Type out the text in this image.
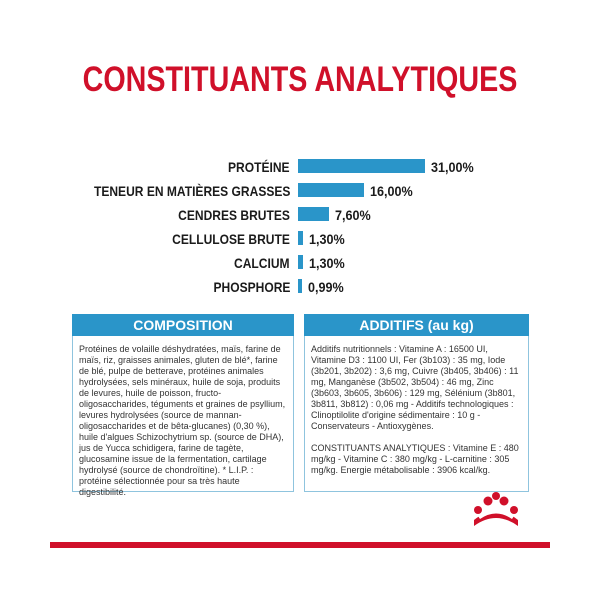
CONSTITUANTS ANALYTIQUES
PROTÉINE	31,00%
TENEUR EN MATIÈRES GRASSES	16,00%
CENDRES BRUTES	7,60%
CELLULOSE BRUTE 1,30%
CALCIUM 1,30%
PHOSPHORE 0,99%
COMPOSITION

Protéines de volaille déshydratées, maïs, farine de maïs, riz, graisses animales, gluten de blé*, farine de blé, pulpe de betterave, protéines animales hydrolysées, sels minéraux, huile de soja, produits de levures, huile de poisson, fructo-oligosaccharides, téguments et graines de psyllium, levures hydrolysées (source de mannan-oligosaccharides et de bêta-glucanes) (0,30 %), huile d'algues Schizochytrium sp. (source de DHA), jus de Yucca schidigera, farine de tagète, glucosamine issue de la fermentation, cartilage hydrolysé (source de chondroïtine). * L.I.P. : protéine sélectionnée pour sa très haute digestibilité.

ADDITIFS (au kg)

Additifs nutritionnels : Vitamine A : 16500 UI, Vitamine D3 : 1100 UI, Fer (3b103) : 35 mg, Iode (3b201, 3b202) : 3,6 mg, Cuivre (3b405, 3b406) : 11 mg, Manganèse (3b502, 3b504) : 46 mg, Zinc (3b603, 3b605, 3b606) : 129 mg, Sélénium (3b801, 3b811, 3b812) : 0,06 mg - Additifs technologiques : Clinoptilolite d'origine sédimentaire : 10 g - Conservateurs - Antioxygènes.

CONSTITUANTS ANALYTIQUES : Vitamine E : 480 mg/kg - Vitamine C : 380 mg/kg - L-carnitine : 305 mg/kg. Energie métabolisable : 3906 kcal/kg.
